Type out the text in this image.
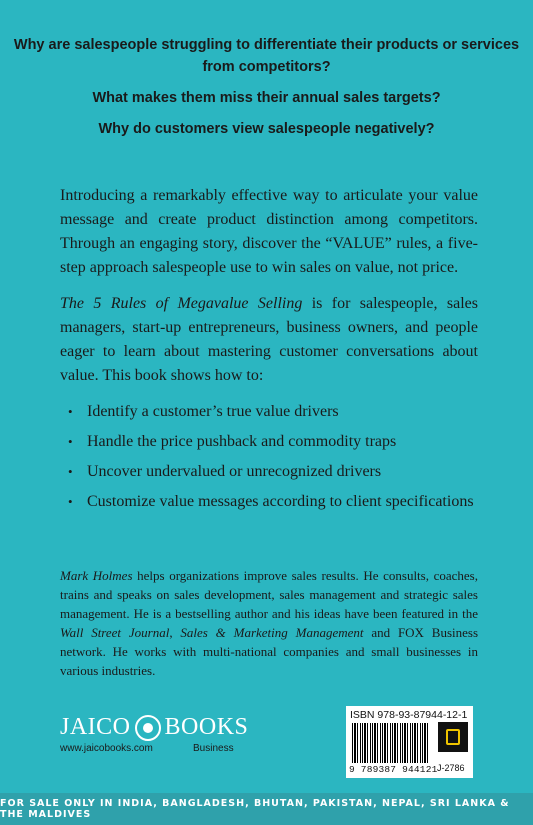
Why are salespeople struggling to differentiate their products or services from competitors?

What makes them miss their annual sales targets?

Why do customers view salespeople negatively?

Introducing a remarkably effective way to articulate your value message and create product distinction among competitors. Through an engaging story, discover the “VALUE” rules, a five-step approach salespeople use to win sales on value, not price.

The 5 Rules of Megavalue Selling is for salespeople, sales managers, start-up entrepreneurs, business owners, and people eager to learn about mastering customer conversations about value. This book shows how to:

• Identify a customer’s true value drivers
• Handle the price pushback and commodity traps
• Uncover undervalued or unrecognized drivers
• Customize value messages according to client specifications
Mark Holmes helps organizations improve sales results. He consults, coaches, trains and speaks on sales development, sales management and strategic sales management. He is a bestselling author and his ideas have been featured in the Wall Street Journal, Sales & Marketing Management and FOX Business network. He works with multi-national companies and small businesses in various industries.
JAICO BOOKS
www.jaicobooks.com	Business
ISBN 978-93-87944-12-1
9 789387 944121 J-2786
FOR SALE ONLY IN INDIA, BANGLADESH, BHUTAN, PAKISTAN, NEPAL, SRI LANKA & THE MALDIVES
